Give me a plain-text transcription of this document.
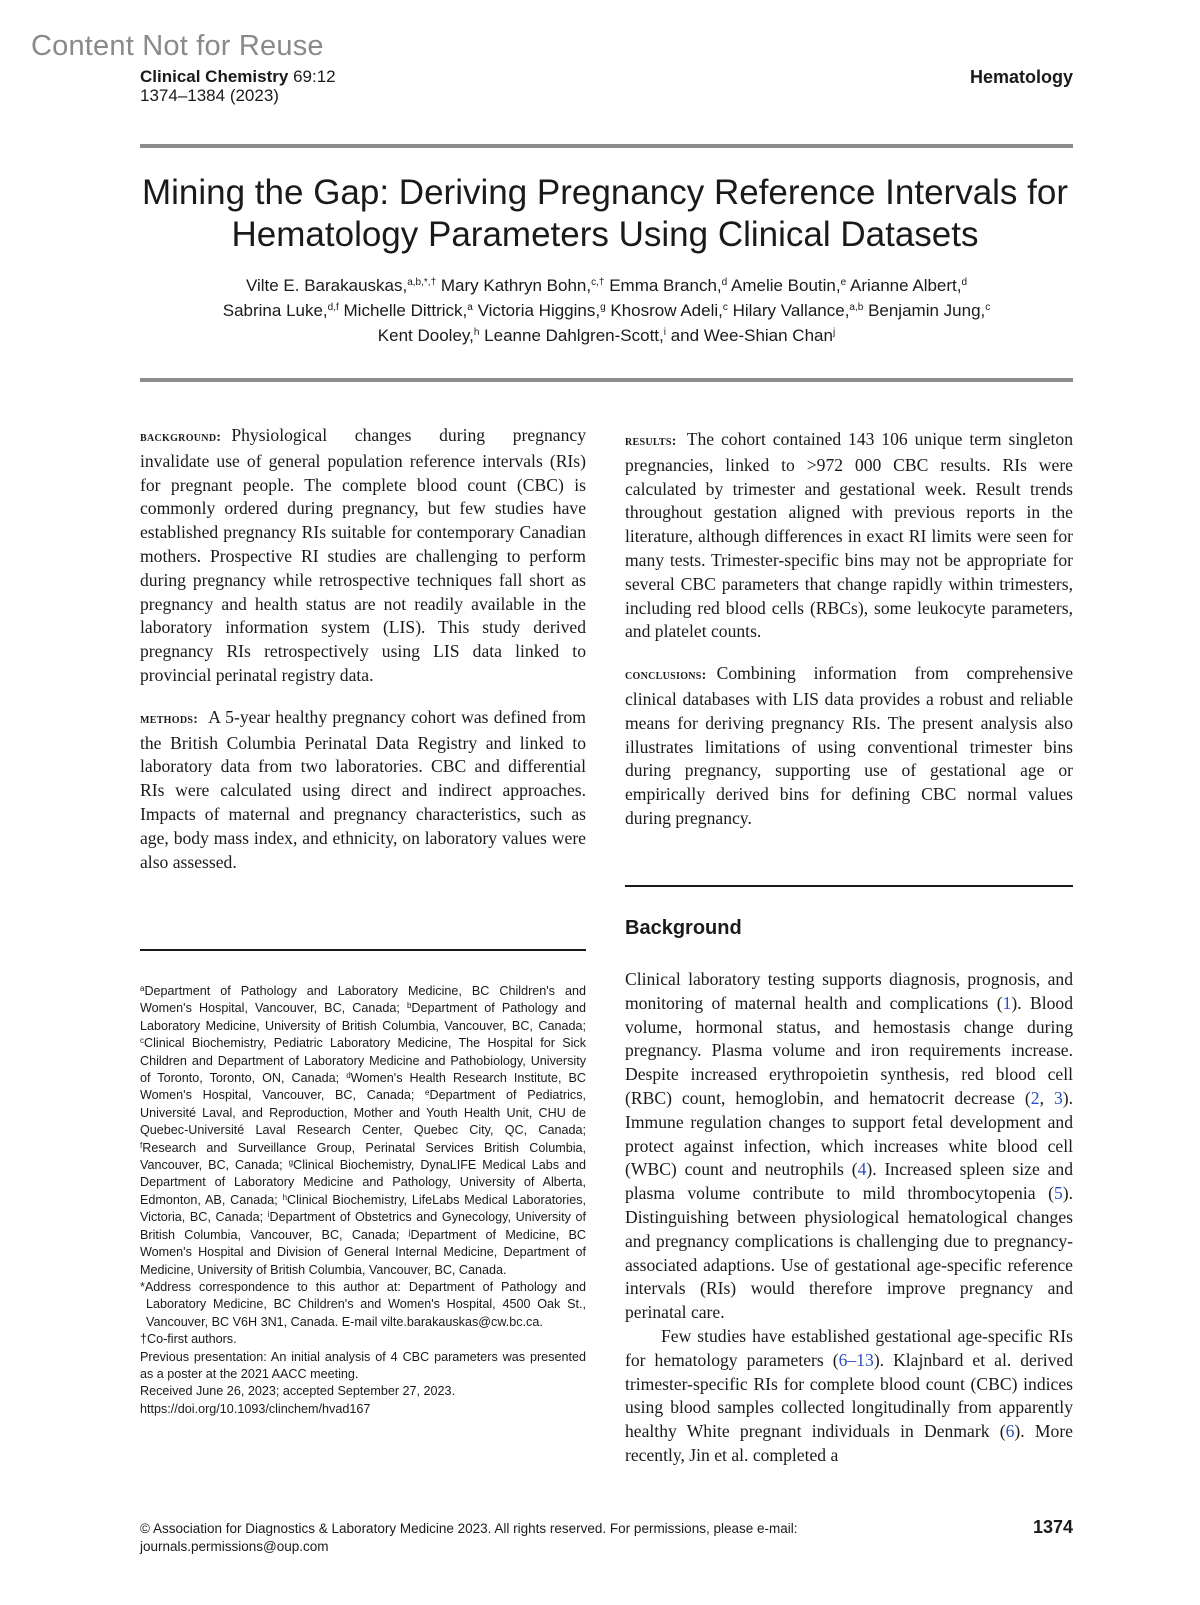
Content Not for Reuse
Clinical Chemistry 69:12
1374–1384 (2023)
Hematology
Mining the Gap: Deriving Pregnancy Reference Intervals for Hematology Parameters Using Clinical Datasets
Vilte E. Barakauskas,$^{a,b,*,\dagger}$ Mary Kathryn Bohn,$^{c,\dagger}$ Emma Branch,$^d$ Amelie Boutin,$^e$ Arianne Albert,$^d$
Sabrina Luke,$^{d,f}$ Michelle Dittrick,$^a$ Victoria Higgins,$^g$ Khosrow Adeli,$^c$ Hilary Vallance,$^{a,b}$ Benjamin Jung,$^c$
Kent Dooley,$^h$ Leanne Dahlgren-Scott,$^i$ and Wee-Shian Chan$^j$

background: Physiological changes during pregnancy invalidate use of general population reference intervals (RIs) for pregnant people. The complete blood count (CBC) is commonly ordered during pregnancy, but few studies have established pregnancy RIs suitable for contemporary Canadian mothers. Prospective RI studies are challenging to perform during pregnancy while retrospective techniques fall short as pregnancy and health status are not readily available in the laboratory information system (LIS). This study derived pregnancy RIs retrospectively using LIS data linked to provincial perinatal registry data.

methods: A 5-year healthy pregnancy cohort was defined from the British Columbia Perinatal Data Registry and linked to laboratory data from two laboratories. CBC and differential RIs were calculated using direct and indirect approaches. Impacts of maternal and pregnancy characteristics, such as age, body mass index, and ethnicity, on laboratory values were also assessed.

results: The cohort contained 143 106 unique term singleton pregnancies, linked to >972 000 CBC results. RIs were calculated by trimester and gestational week. Result trends throughout gestation aligned with previous reports in the literature, although differences in exact RI limits were seen for many tests. Trimester-specific bins may not be appropriate for several CBC parameters that change rapidly within trimesters, including red blood cells (RBCs), some leukocyte parameters, and platelet counts.

conclusions: Combining information from comprehensive clinical databases with LIS data provides a robust and reliable means for deriving pregnancy RIs. The present analysis also illustrates limitations of using conventional trimester bins during pregnancy, supporting use of gestational age or empirically derived bins for defining CBC normal values during pregnancy.

Background

Clinical laboratory testing supports diagnosis, prognosis, and monitoring of maternal health and complications (1). Blood volume, hormonal status, and hemostasis change during pregnancy. Plasma volume and iron requirements increase. Despite increased erythropoietin synthesis, red blood cell (RBC) count, hemoglobin, and hematocrit decrease (2, 3). Immune regulation changes to support fetal development and protect against infection, which increases white blood cell (WBC) count and neutrophils (4). Increased spleen size and plasma volume contribute to mild thrombocytopenia (5). Distinguishing between physiological hematological changes and pregnancy complications is challenging due to pregnancy-associated adaptions. Use of gestational age-specific reference intervals (RIs) would therefore improve pregnancy and perinatal care.

Few studies have established gestational age-specific RIs for hematology parameters (6–13). Klajnbard et al. derived trimester-specific RIs for complete blood count (CBC) indices using blood samples collected longitudinally from apparently healthy White pregnant individuals in Denmark (6). More recently, Jin et al. completed a

$^a$Department of Pathology and Laboratory Medicine, BC Children's and Women's Hospital, Vancouver, BC, Canada; $^b$Department of Pathology and Laboratory Medicine, University of British Columbia, Vancouver, BC, Canada; $^c$Clinical Biochemistry, Pediatric Laboratory Medicine, The Hospital for Sick Children and Department of Laboratory Medicine and Pathobiology, University of Toronto, Toronto, ON, Canada; $^d$Women's Health Research Institute, BC Women's Hospital, Vancouver, BC, Canada; $^e$Department of Pediatrics, Université Laval, and Reproduction, Mother and Youth Health Unit, CHU de Quebec-Université Laval Research Center, Quebec City, QC, Canada; $^f$Research and Surveillance Group, Perinatal Services British Columbia, Vancouver, BC, Canada; $^g$Clinical Biochemistry, DynaLIFE Medical Labs and Department of Laboratory Medicine and Pathology, University of Alberta, Edmonton, AB, Canada; $^h$Clinical Biochemistry, LifeLabs Medical Laboratories, Victoria, BC, Canada; $^i$Department of Obstetrics and Gynecology, University of British Columbia, Vancouver, BC, Canada; $^j$Department of Medicine, BC Women's Hospital and Division of General Internal Medicine, Department of Medicine, University of British Columbia, Vancouver, BC, Canada.

*Address correspondence to this author at: Department of Pathology and Laboratory Medicine, BC Children's and Women's Hospital, 4500 Oak St., Vancouver, BC V6H 3N1, Canada. E-mail vilte.barakauskas@cw.bc.ca.

†Co-first authors.

Previous presentation: An initial analysis of 4 CBC parameters was presented as a poster at the 2021 AACC meeting.

Received June 26, 2023; accepted September 27, 2023.

https://doi.org/10.1093/clinchem/hvad167

© Association for Diagnostics & Laboratory Medicine 2023. All rights reserved. For permissions, please e-mail: journals.permissions@oup.com
1374
